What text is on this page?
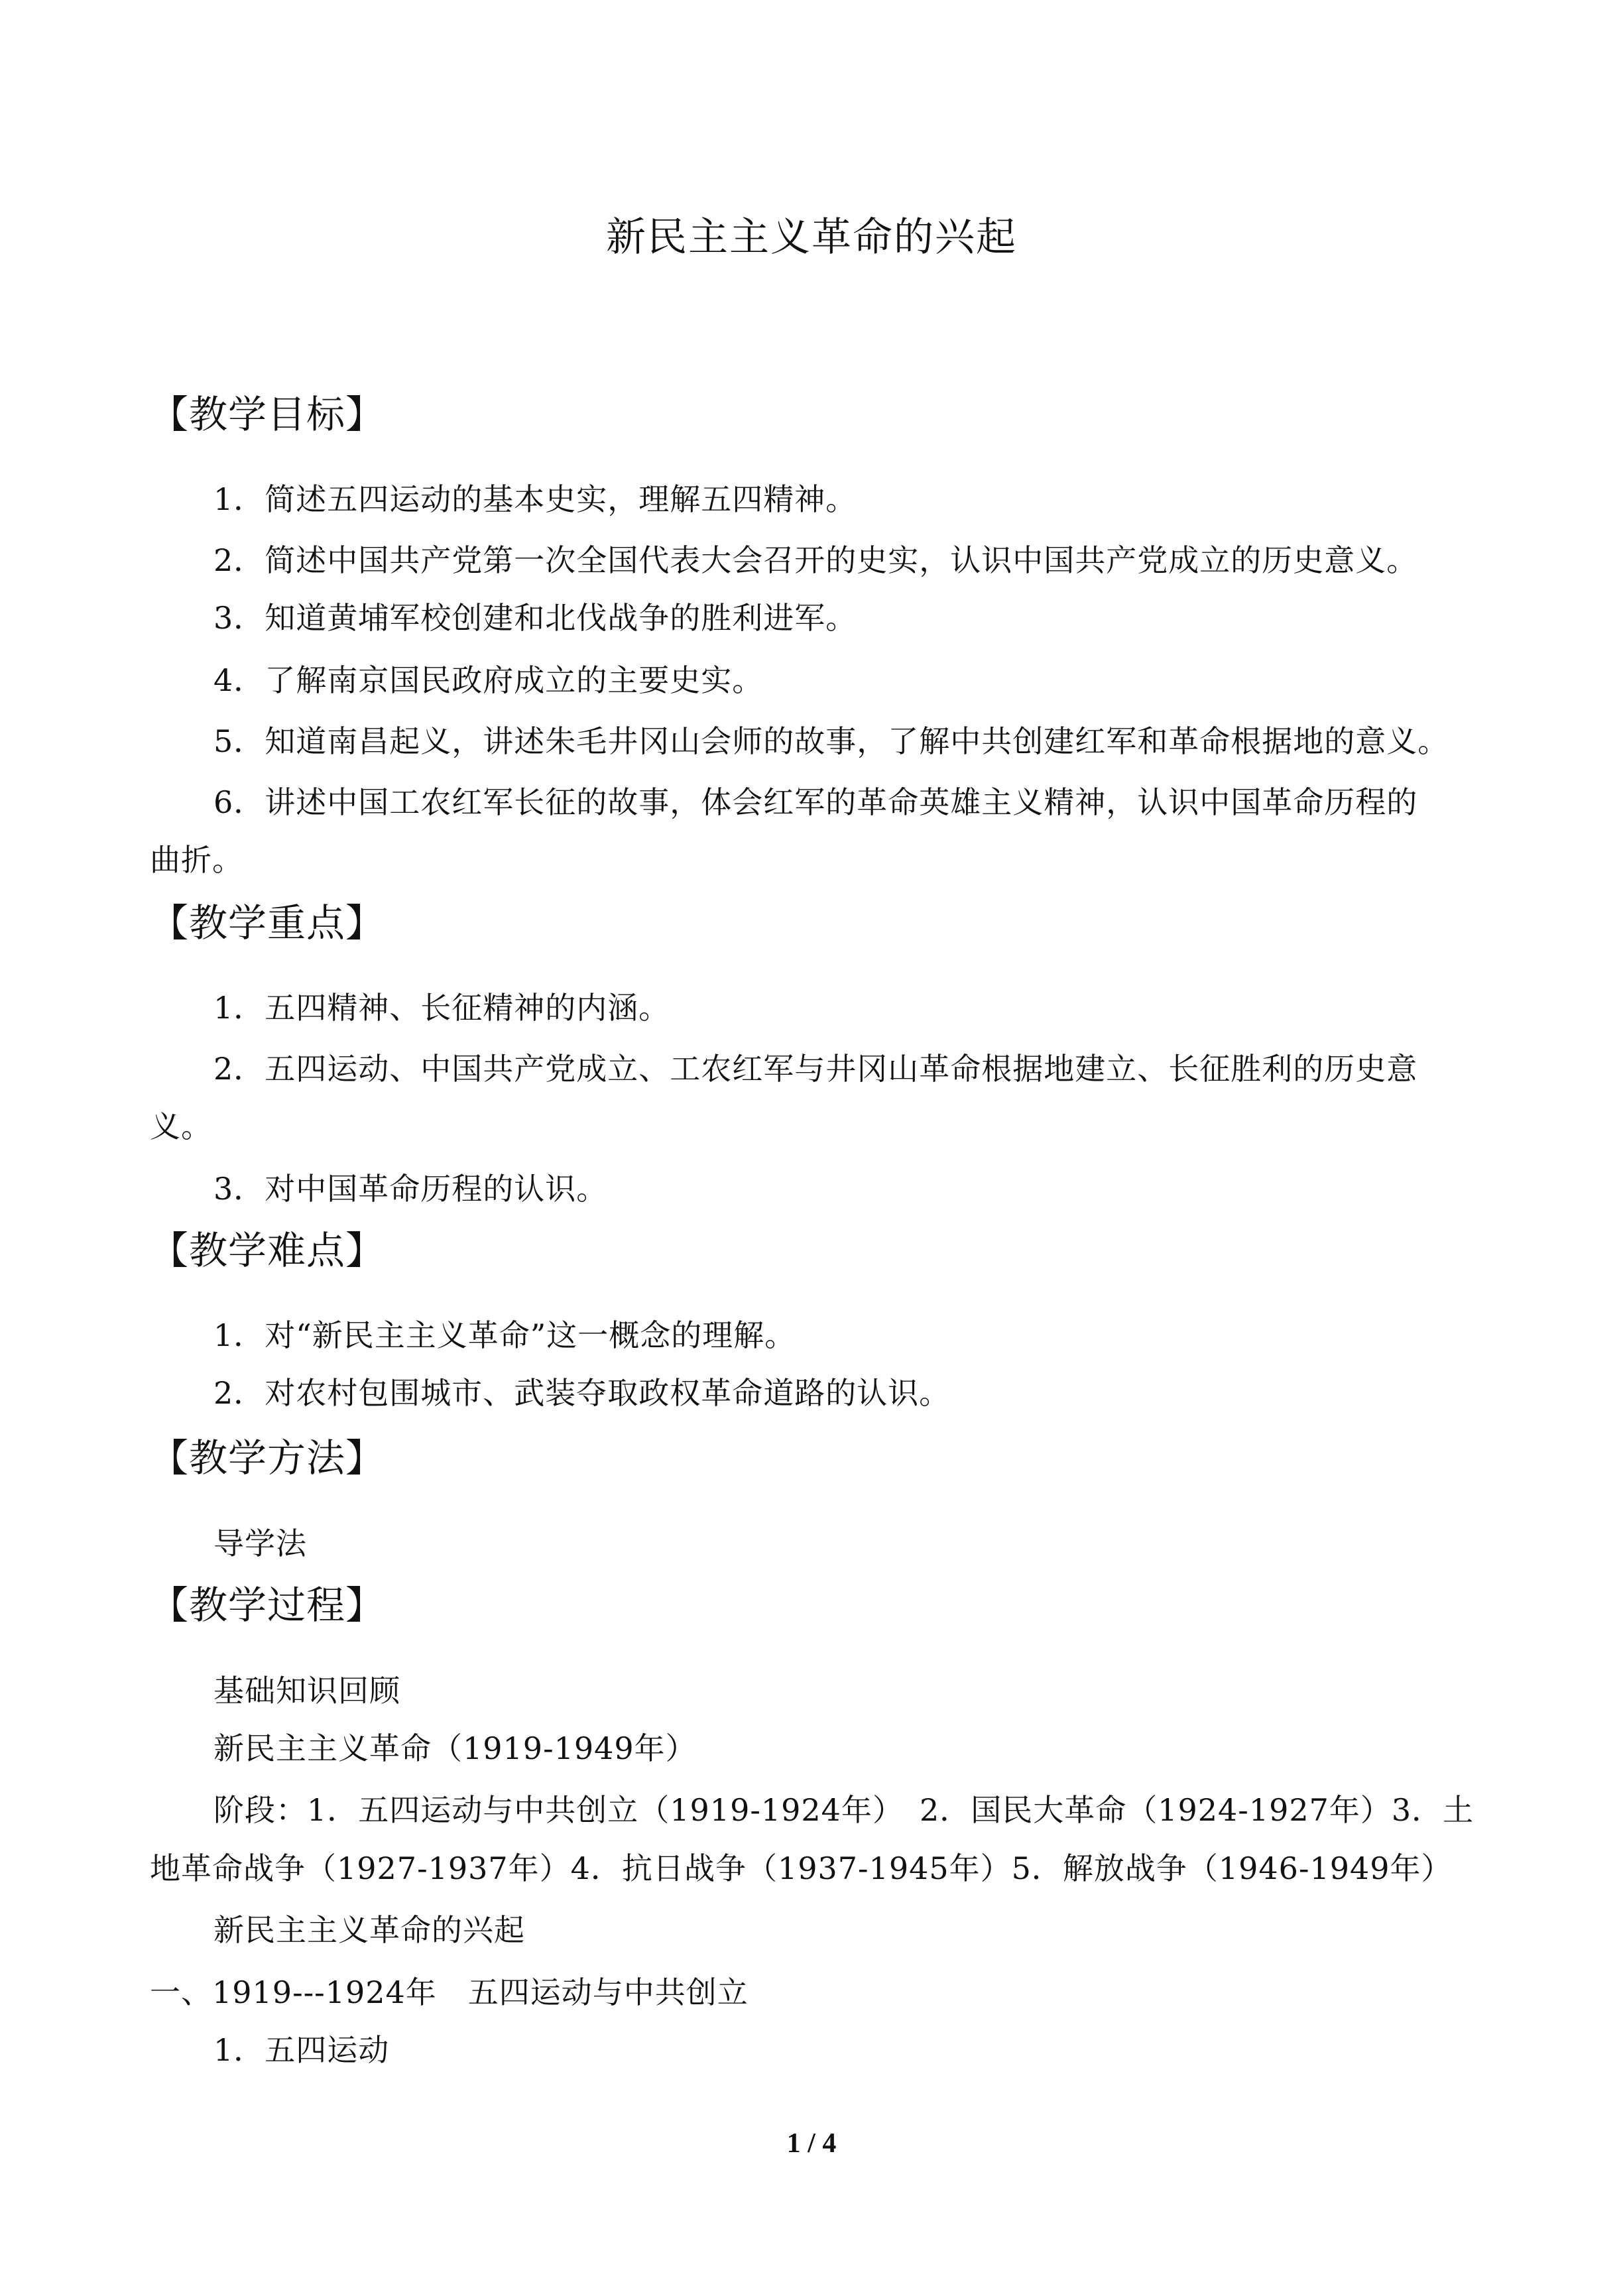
新民主主义革命的兴起
【教学目标】
1．简述五四运动的基本史实，理解五四精神。
2．简述中国共产党第一次全国代表大会召开的史实，认识中国共产党成立的历史意义。
3．知道黄埔军校创建和北伐战争的胜利进军。
4．了解南京国民政府成立的主要史实。
5．知道南昌起义，讲述朱毛井冈山会师的故事，了解中共创建红军和革命根据地的意义。
6．讲述中国工农红军长征的故事，体会红军的革命英雄主义精神，认识中国革命历程的
曲折。
【教学重点】
1．五四精神、长征精神的内涵。
2．五四运动、中国共产党成立、工农红军与井冈山革命根据地建立、长征胜利的历史意
义。
3．对中国革命历程的认识。
【教学难点】
1．对“新民主主义革命”这一概念的理解。
2．对农村包围城市、武装夺取政权革命道路的认识。
【教学方法】
导学法
【教学过程】
基础知识回顾
新民主主义革命（1919-1949年）
阶段：1．五四运动与中共创立（1919-1924年）　2．国民大革命（1924-1927年）3．土
地革命战争（1927-1937年）4．抗日战争（1937-1945年）5．解放战争（1946-1949年）
新民主主义革命的兴起
一、1919---1924年　五四运动与中共创立
1．五四运动
1 / 4
